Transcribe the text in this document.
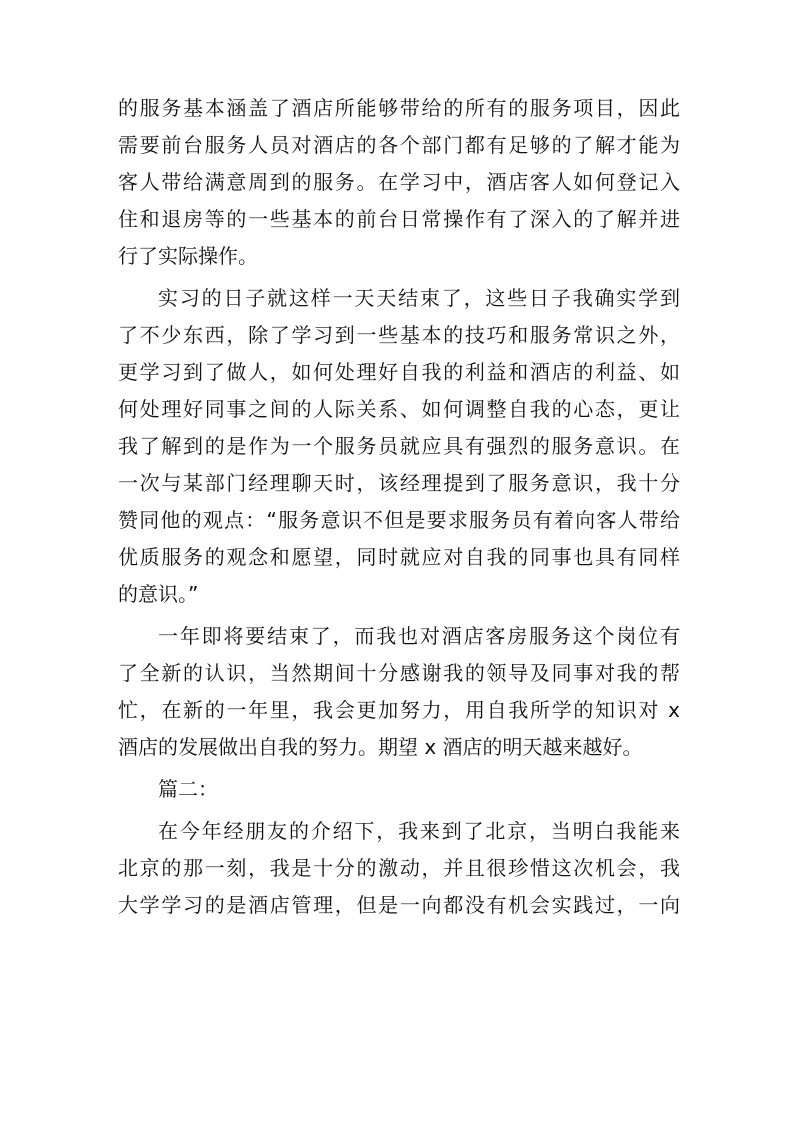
的服务基本涵盖了酒店所能够带给的所有的服务项目，因此
需要前台服务人员对酒店的各个部门都有足够的了解才能为
客人带给满意周到的服务。在学习中，酒店客人如何登记入
住和退房等的一些基本的前台日常操作有了深入的了解并进
行了实际操作。
实习的日子就这样一天天结束了，这些日子我确实学到
了不少东西，除了学习到一些基本的技巧和服务常识之外，
更学习到了做人，如何处理好自我的利益和酒店的利益、如
何处理好同事之间的人际关系、如何调整自我的心态，更让
我了解到的是作为一个服务员就应具有强烈的服务意识。在
一次与某部门经理聊天时，该经理提到了服务意识，我十分
赞同他的观点：“服务意识不但是要求服务员有着向客人带给
优质服务的观念和愿望，同时就应对自我的同事也具有同样
的意识。”
一年即将要结束了，而我也对酒店客房服务这个岗位有
了全新的认识，当然期间十分感谢我的领导及同事对我的帮
忙，在新的一年里，我会更加努力，用自我所学的知识对 x
酒店的发展做出自我的努力。期望 x 酒店的明天越来越好。
篇二：
在今年经朋友的介绍下，我来到了北京，当明白我能来
北京的那一刻，我是十分的激动，并且很珍惜这次机会，我
大学学习的是酒店管理，但是一向都没有机会实践过，一向
